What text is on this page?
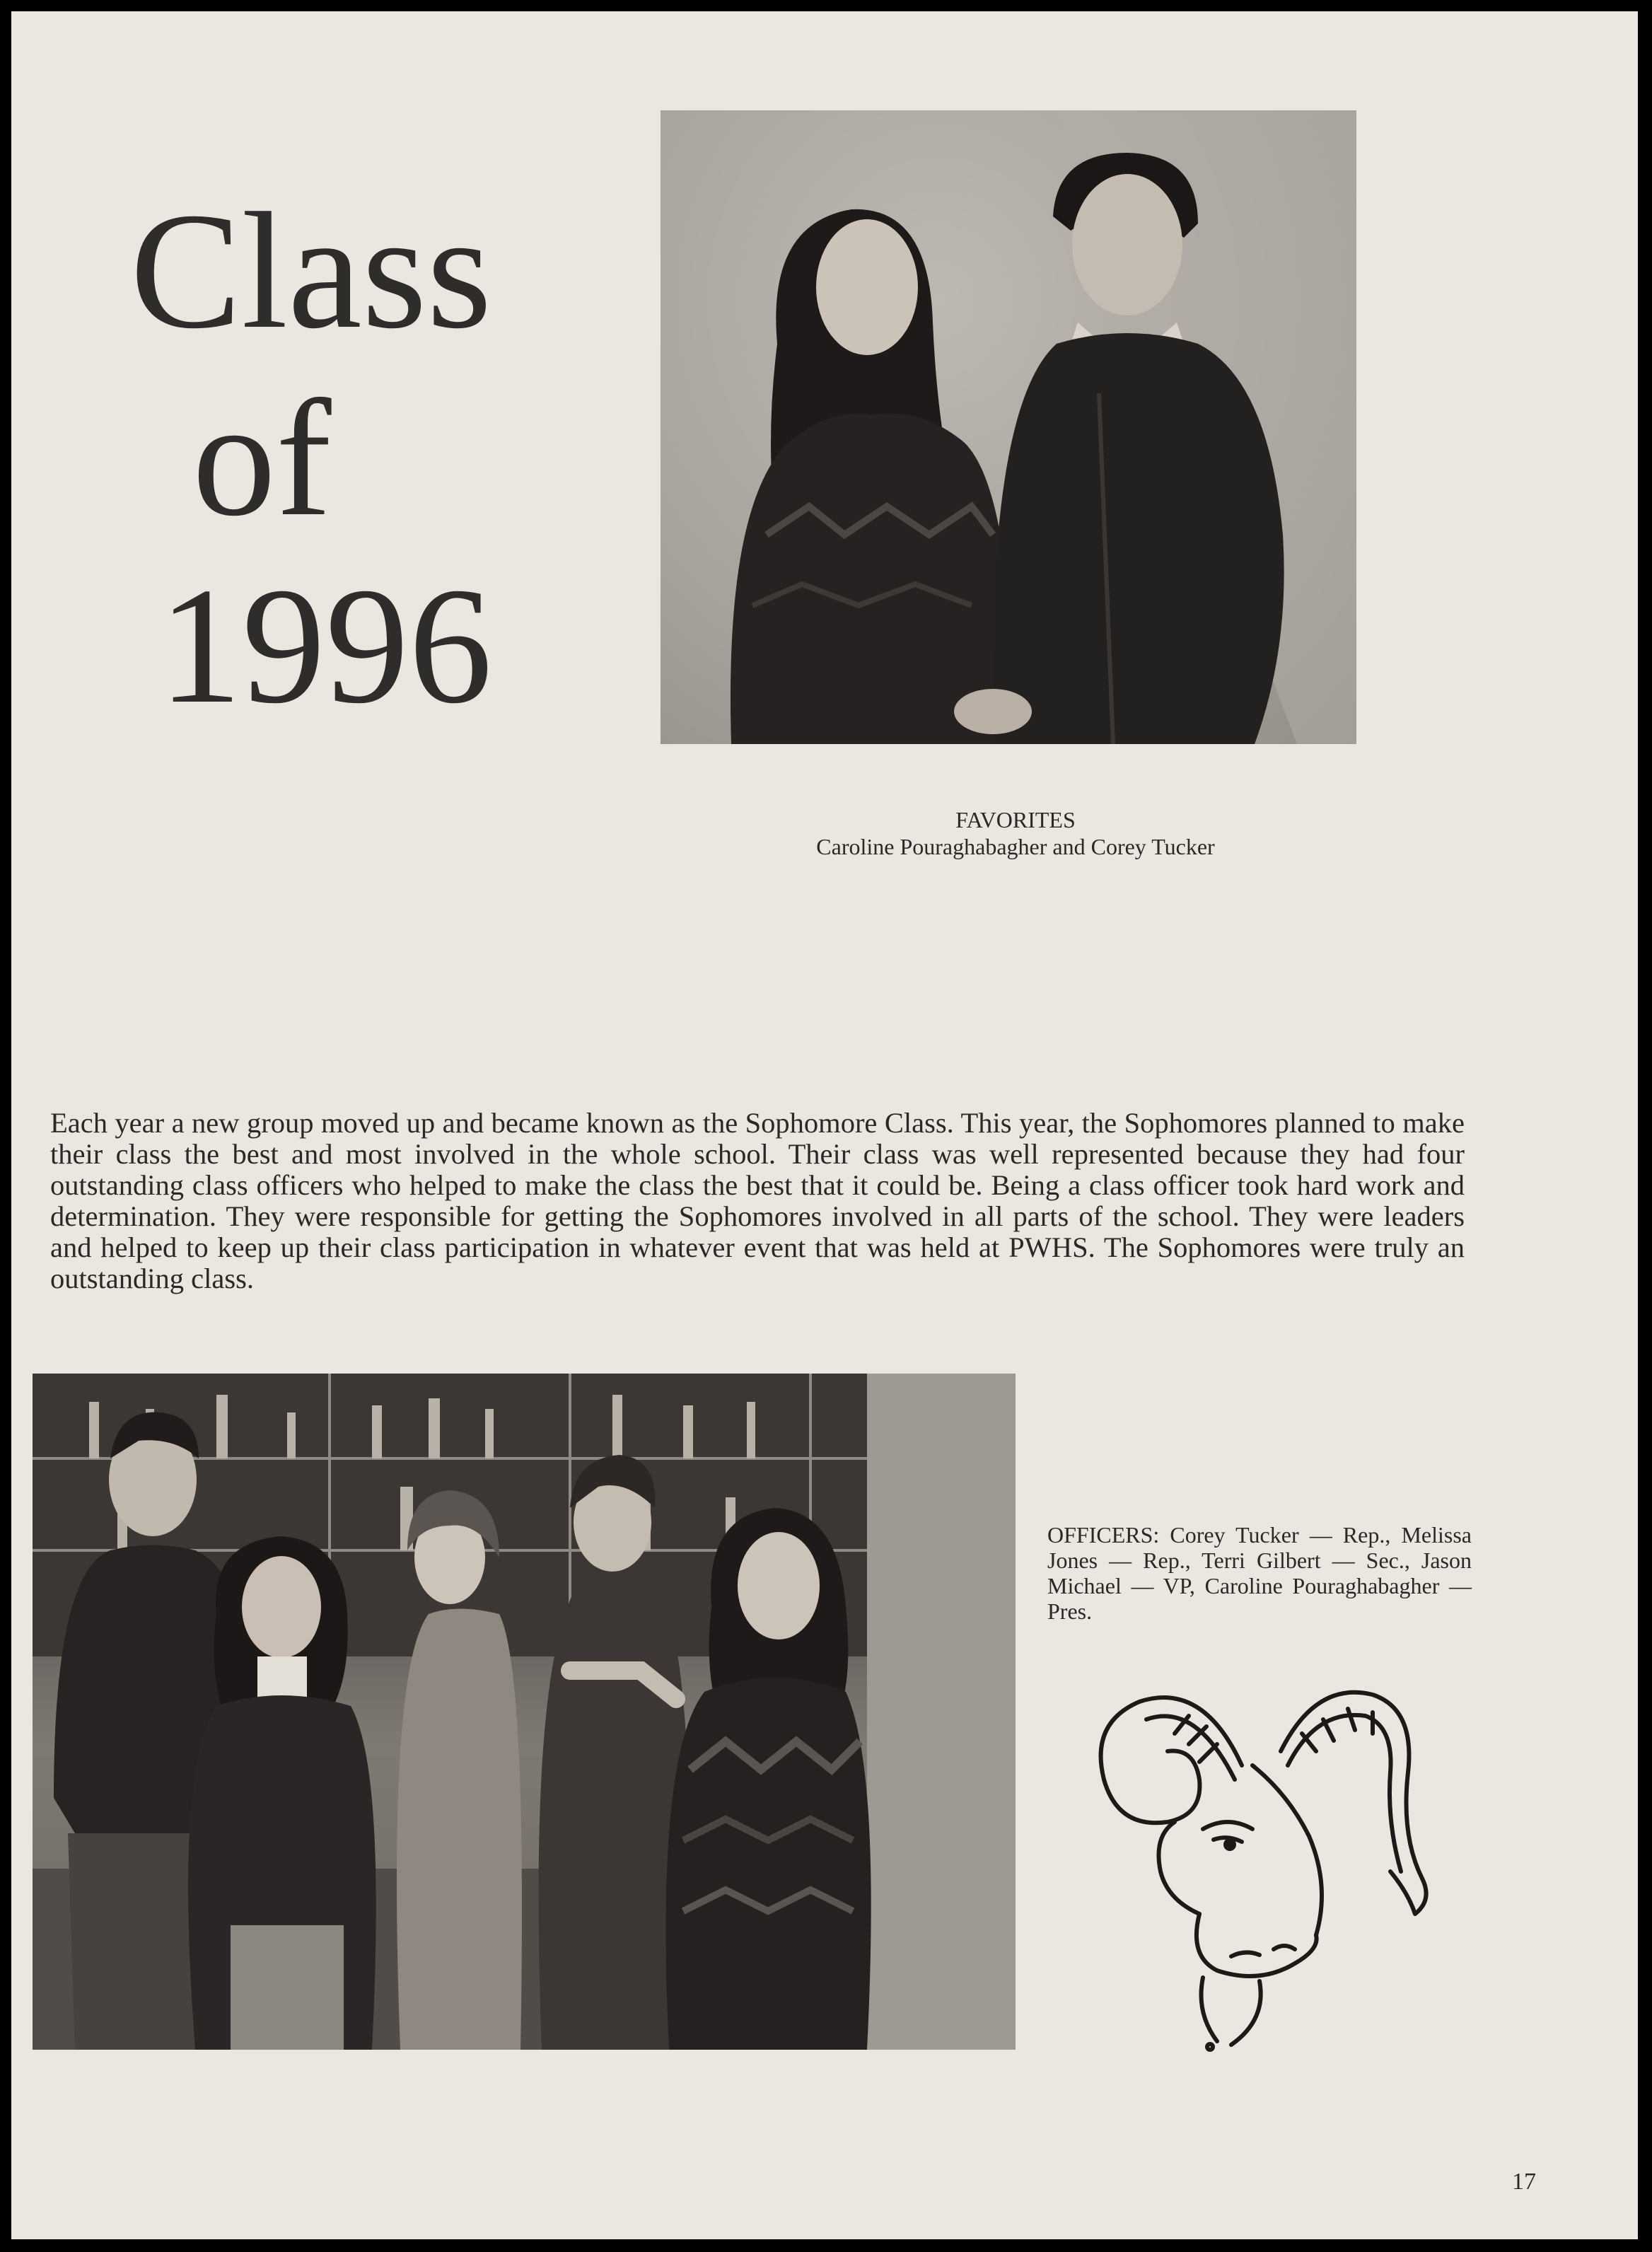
Class
of
1996
FAVORITES
Caroline Pouraghabagher and Corey Tucker
Each year a new group moved up and became known as the Sophomore Class. This year, the Sophomores planned to make their class the best and most involved in the whole school. Their class was well represented because they had four outstanding class officers who helped to make the class the best that it could be. Being a class officer took hard work and determination. They were responsible for getting the Sophomores involved in all parts of the school. They were leaders and helped to keep up their class participation in whatever event that was held at PWHS. The Sophomores were truly an outstanding class.
OFFICERS: Corey Tucker — Rep., Melissa Jones — Rep., Terri Gilbert — Sec., Jason Michael — VP, Caroline Pouraghabagher — Pres.
17
